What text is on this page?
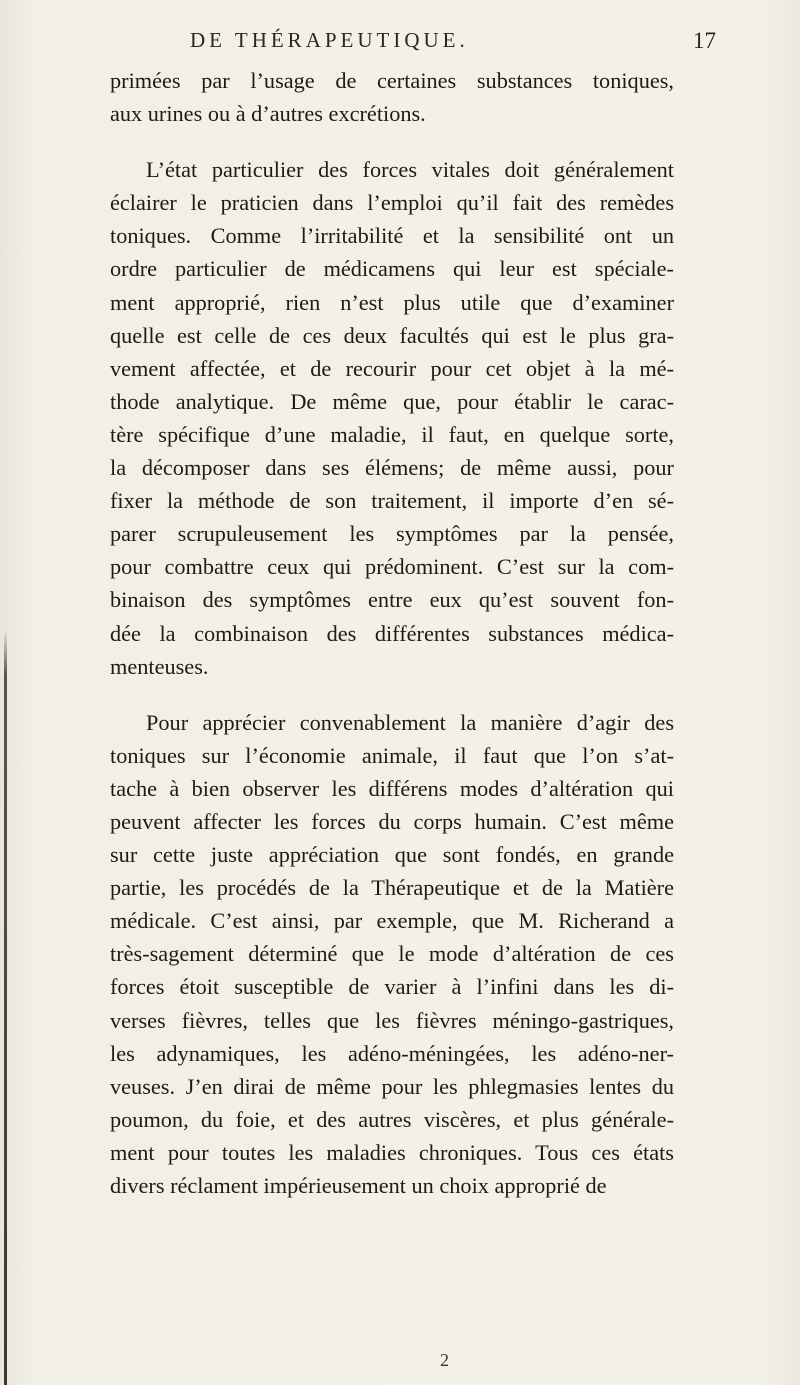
DE THÉRAPEUTIQUE.	17
primées par l’usage de certaines substances toniques,
aux urines ou à d’autres excrétions.
L’état particulier des forces vitales doit généralement
éclairer le praticien dans l’emploi qu’il fait des remèdes
toniques. Comme l’irritabilité et la sensibilité ont un
ordre particulier de médicamens qui leur est spéciale-
ment approprié, rien n’est plus utile que d’examiner
quelle est celle de ces deux facultés qui est le plus gra-
vement affectée, et de recourir pour cet objet à la mé-
thode analytique. De même que, pour établir le carac-
tère spécifique d’une maladie, il faut, en quelque sorte,
la décomposer dans ses élémens; de même aussi, pour
fixer la méthode de son traitement, il importe d’en sé-
parer scrupuleusement les symptômes par la pensée,
pour combattre ceux qui prédominent. C’est sur la com-
binaison des symptômes entre eux qu’est souvent fon-
dée la combinaison des différentes substances médica-
menteuses.
Pour apprécier convenablement la manière d’agir des
toniques sur l’économie animale, il faut que l’on s’at-
tache à bien observer les différens modes d’altération qui
peuvent affecter les forces du corps humain. C’est même
sur cette juste appréciation que sont fondés, en grande
partie, les procédés de la Thérapeutique et de la Matière
médicale. C’est ainsi, par exemple, que M. Richerand a
très-sagement déterminé que le mode d’altération de ces
forces étoit susceptible de varier à l’infini dans les di-
verses fièvres, telles que les fièvres méningo-gastriques,
les adynamiques, les adéno-méningées, les adéno-ner-
veuses. J’en dirai de même pour les phlegmasies lentes du
poumon, du foie, et des autres viscères, et plus générale-
ment pour toutes les maladies chroniques. Tous ces états
divers réclament impérieusement un choix approprié de
2
